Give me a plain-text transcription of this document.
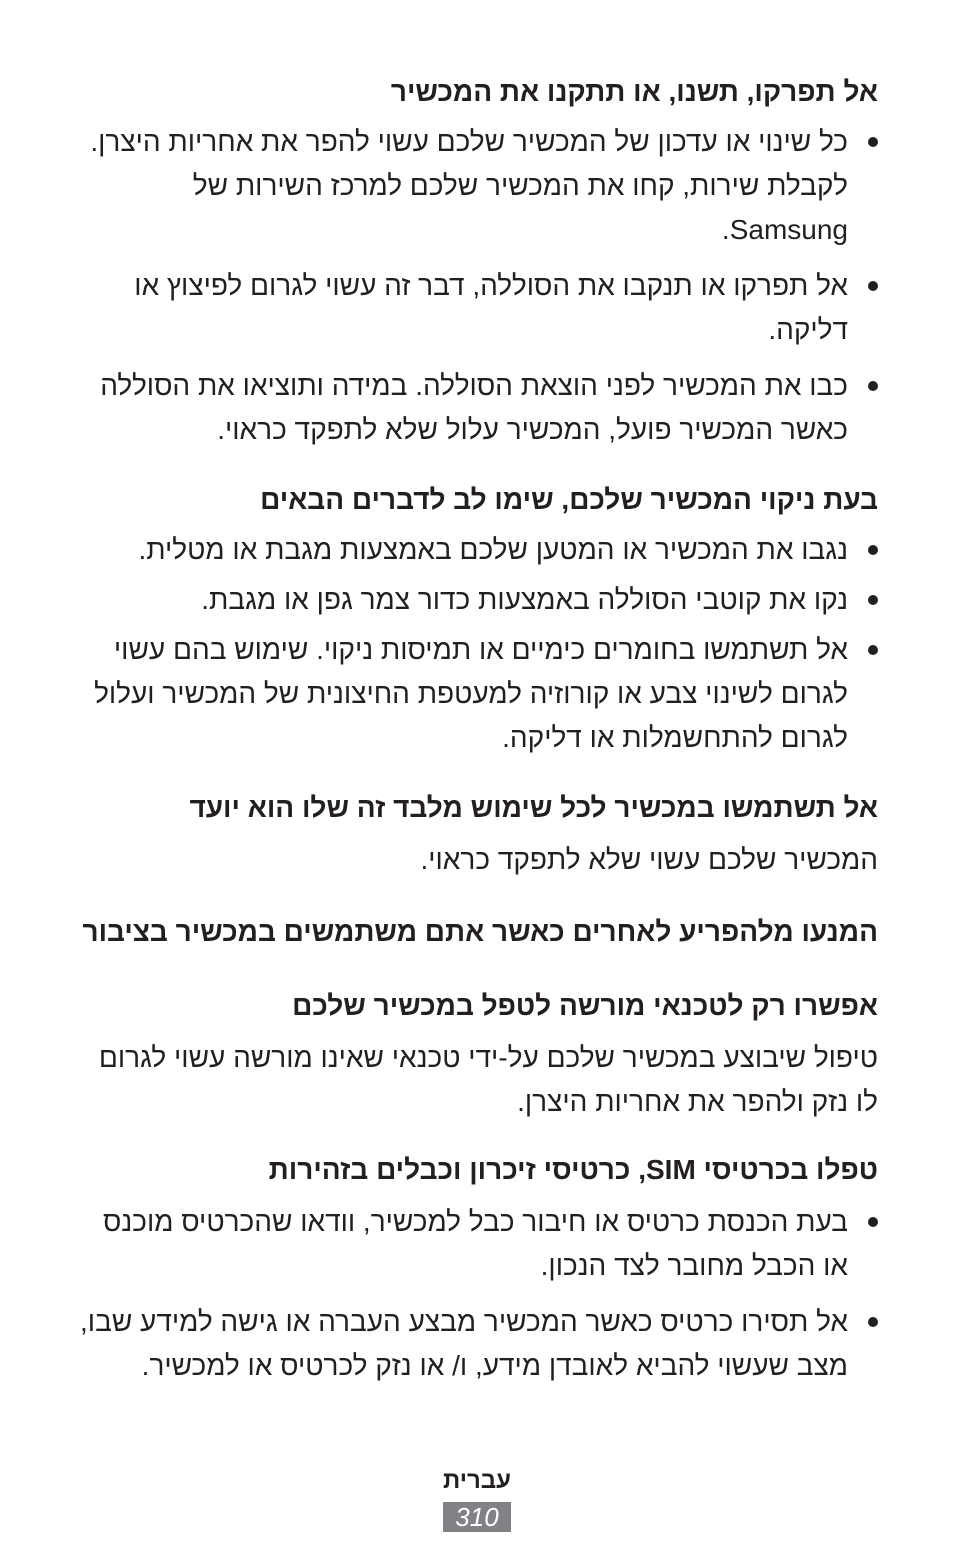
אל תפרקו, תשנו, או תתקנו את המכשיר
כל שינוי או עדכון של המכשיר שלכם עשוי להפר את אחריות היצרן. לקבלת שירות, קחו את המכשיר שלכם למרכז השירות של Samsung.
אל תפרקו או תנקבו את הסוללה, דבר זה עשוי לגרום לפיצוץ או דליקה.
כבו את המכשיר לפני הוצאת הסוללה. במידה ותוציאו את הסוללה כאשר המכשיר פועל, המכשיר עלול שלא לתפקד כראוי.
בעת ניקוי המכשיר שלכם, שימו לב לדברים הבאים
נגבו את המכשיר או המטען שלכם באמצעות מגבת או מטלית.
נקו את קוטבי הסוללה באמצעות כדור צמר גפן או מגבת.
אל תשתמשו בחומרים כימיים או תמיסות ניקוי. שימוש בהם עשוי לגרום לשינוי צבע או קורוזיה למעטפת החיצונית של המכשיר ועלול לגרום להתחשמלות או דליקה.
אל תשתמשו במכשיר לכל שימוש מלבד זה שלו הוא יועד

המכשיר שלכם עשוי שלא לתפקד כראוי.

המנעו מלהפריע לאחרים כאשר אתם משתמשים במכשיר בציבור
אפשרו רק לטכנאי מורשה לטפל במכשיר שלכם

טיפול שיבוצע במכשיר שלכם על-ידי טכנאי שאינו מורשה עשוי לגרום לו נזק ולהפר את אחריות היצרן.

טפלו בכרטיסי SIM, כרטיסי זיכרון וכבלים בזהירות
בעת הכנסת כרטיס או חיבור כבל למכשיר, וודאו שהכרטיס מוכנס או הכבל מחובר לצד הנכון.
אל תסירו כרטיס כאשר המכשיר מבצע העברה או גישה למידע שבו, מצב שעשוי להביא לאובדן מידע, ו/ או נזק לכרטיס או למכשיר.
עברית
310
